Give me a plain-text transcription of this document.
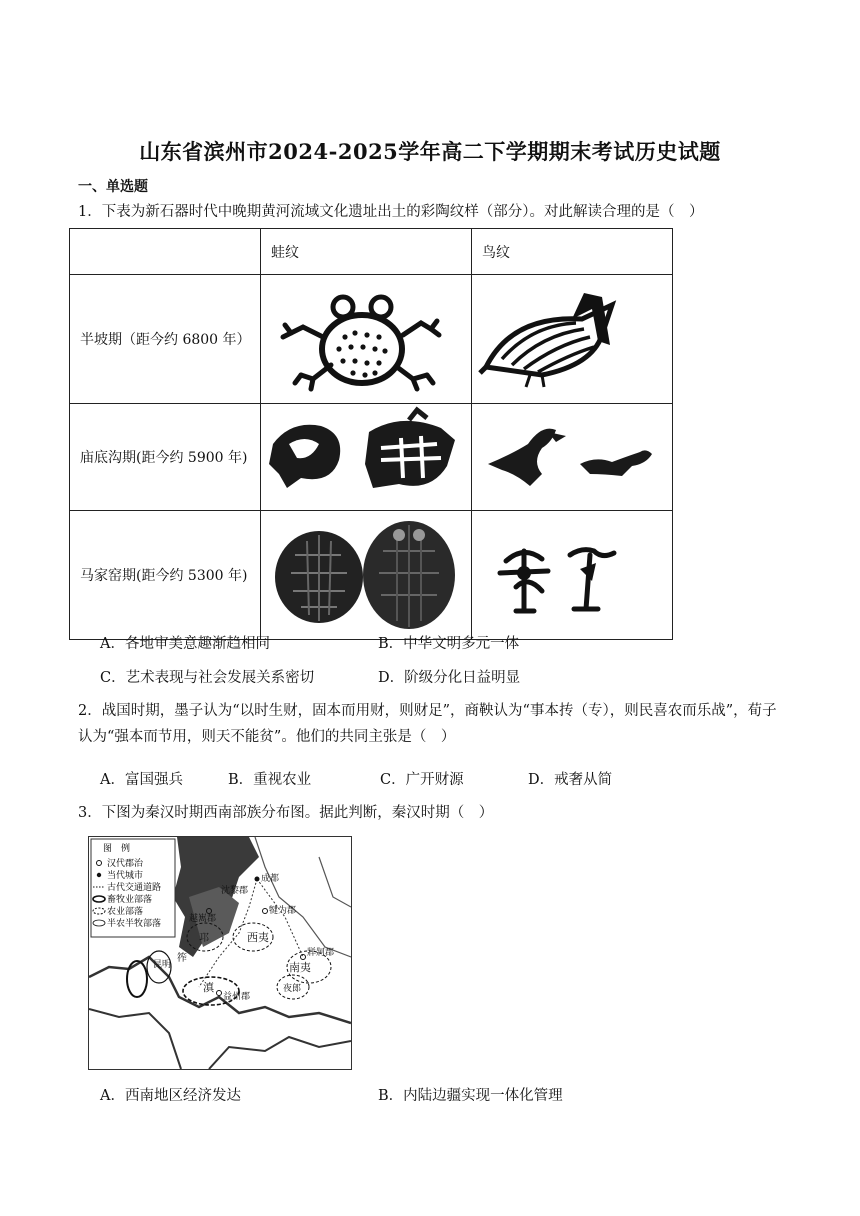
山东省滨州市2024-2025学年高二下学期期末考试历史试题
一、单选题
1．下表为新石器时代中晚期黄河流域文化遗址出土的彩陶纹样（部分）。对此解读合理的是（　）
	蛙纹	鸟纹
半坡期（距今约 6800 年）		
庙底沟期(距今约 5900 年)		
马家窑期(距今约 5300 年)		
A．各地审美意趣渐趋相同	B．中华文明多元一体
C．艺术表现与社会发展关系密切	D．阶级分化日益明显
2．战国时期，墨子认为“以时生财，固本而用财，则财足”，商鞅认为“事本抟（专），则民喜农而乐战”，荀子认为“强本而节用，则天不能贫”。他们的共同主张是（　）
A．富国强兵	B．重视农业	C．广开财源	D．戒奢从简
3．下图为秦汉时期西南部族分布图。据此判断，秦汉时期（　）
图　例
汉代郡治
当代城市
古代交通道路
畜牧业部落
农业部落
半农半牧部落
成都
犍为郡
越嶲郡
沈黎郡
西夷
南夷
牂牁郡
夜郎
昆明
滇
益州郡
邛
筰
A．西南地区经济发达	B．内陆边疆实现一体化管理
